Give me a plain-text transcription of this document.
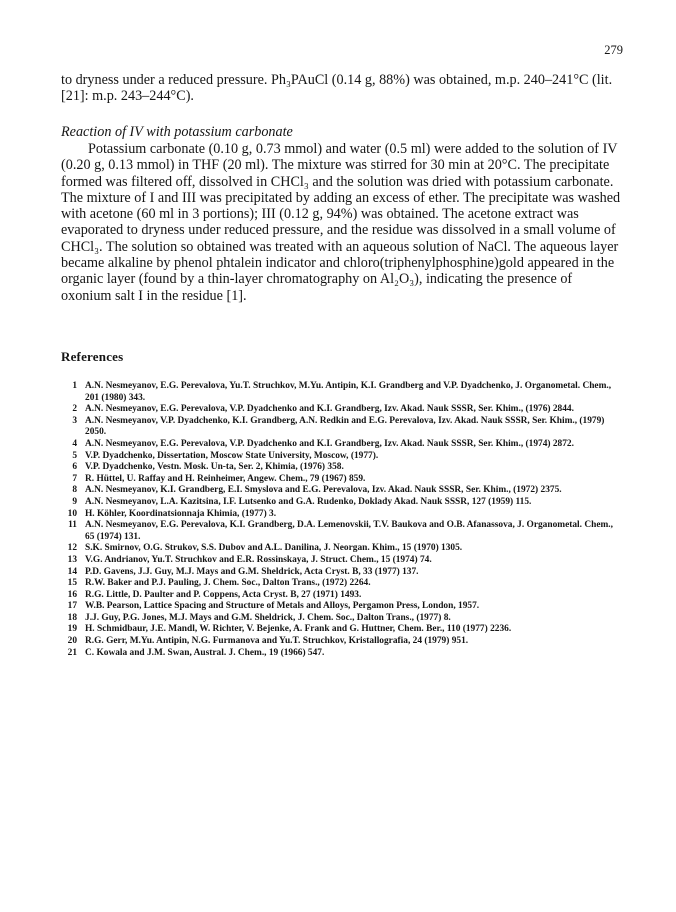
279
to dryness under a reduced pressure. Ph₃PAuCl (0.14 g, 88%) was obtained, m.p. 240–241°C (lit. [21]: m.p. 243–244°C).
Reaction of IV with potassium carbonate
Potassium carbonate (0.10 g, 0.73 mmol) and water (0.5 ml) were added to the solution of IV (0.20 g, 0.13 mmol) in THF (20 ml). The mixture was stirred for 30 min at 20°C. The precipitate formed was filtered off, dissolved in CHCl₃ and the solution was dried with potassium carbonate. The mixture of I and III was precipitated by adding an excess of ether. The precipitate was washed with acetone (60 ml in 3 portions); III (0.12 g, 94%) was obtained. The acetone extract was evaporated to dryness under reduced pressure, and the residue was dissolved in a small volume of CHCl₃. The solution so obtained was treated with an aqueous solution of NaCl. The aqueous layer became alkaline by phenol phtalein indicator and chloro(triphenylphosphine)gold appeared in the organic layer (found by a thin-layer chromatography on Al₂O₃), indicating the presence of oxonium salt I in the residue [1].
References
1 A.N. Nesmeyanov, E.G. Perevalova, Yu.T. Struchkov, M.Yu. Antipin, K.I. Grandberg and V.P. Dyadchenko, J. Organometal. Chem., 201 (1980) 343.
2 A.N. Nesmeyanov, E.G. Perevalova, V.P. Dyadchenko and K.I. Grandberg, Izv. Akad. Nauk SSSR, Ser. Khim., (1976) 2844.
3 A.N. Nesmeyanov, V.P. Dyadchenko, K.I. Grandberg, A.N. Redkin and E.G. Perevalova, Izv. Akad. Nauk SSSR, Ser. Khim., (1979) 2050.
4 A.N. Nesmeyanov, E.G. Perevalova, V.P. Dyadchenko and K.I. Grandberg, Izv. Akad. Nauk SSSR, Ser. Khim., (1974) 2872.
5 V.P. Dyadchenko, Dissertation, Moscow State University, Moscow, (1977).
6 V.P. Dyadchenko, Vestn. Mosk. Un-ta, Ser. 2, Khimia, (1976) 358.
7 R. Hüttel, U. Raffay and H. Reinheimer, Angew. Chem., 79 (1967) 859.
8 A.N. Nesmeyanov, K.I. Grandberg, E.I. Smyslova and E.G. Perevalova, Izv. Akad. Nauk SSSR, Ser. Khim., (1972) 2375.
9 A.N. Nesmeyanov, L.A. Kazitsina, I.F. Lutsenko and G.A. Rudenko, Doklady Akad. Nauk SSSR, 127 (1959) 115.
10 H. Köhler, Koordinatsionnaja Khimia, (1977) 3.
11 A.N. Nesmeyanov, E.G. Perevalova, K.I. Grandberg, D.A. Lemenovskii, T.V. Baukova and O.B. Afanassova, J. Organometal. Chem., 65 (1974) 131.
12 S.K. Smirnov, O.G. Strukov, S.S. Dubov and A.L. Danilina, J. Neorgan. Khim., 15 (1970) 1305.
13 V.G. Andrianov, Yu.T. Struchkov and E.R. Rossinskaya, J. Struct. Chem., 15 (1974) 74.
14 P.D. Gavens, J.J. Guy, M.J. Mays and G.M. Sheldrick, Acta Cryst. B, 33 (1977) 137.
15 R.W. Baker and P.J. Pauling, J. Chem. Soc., Dalton Trans., (1972) 2264.
16 R.G. Little, D. Paulter and P. Coppens, Acta Cryst. B, 27 (1971) 1493.
17 W.B. Pearson, Lattice Spacing and Structure of Metals and Alloys, Pergamon Press, London, 1957.
18 J.J. Guy, P.G. Jones, M.J. Mays and G.M. Sheldrick, J. Chem. Soc., Dalton Trans., (1977) 8.
19 H. Schmidbaur, J.E. Mandl, W. Richter, V. Bejenke, A. Frank and G. Huttner, Chem. Ber., 110 (1977) 2236.
20 R.G. Gerr, M.Yu. Antipin, N.G. Furmanova and Yu.T. Struchkov, Kristallografia, 24 (1979) 951.
21 C. Kowala and J.M. Swan, Austral. J. Chem., 19 (1966) 547.
